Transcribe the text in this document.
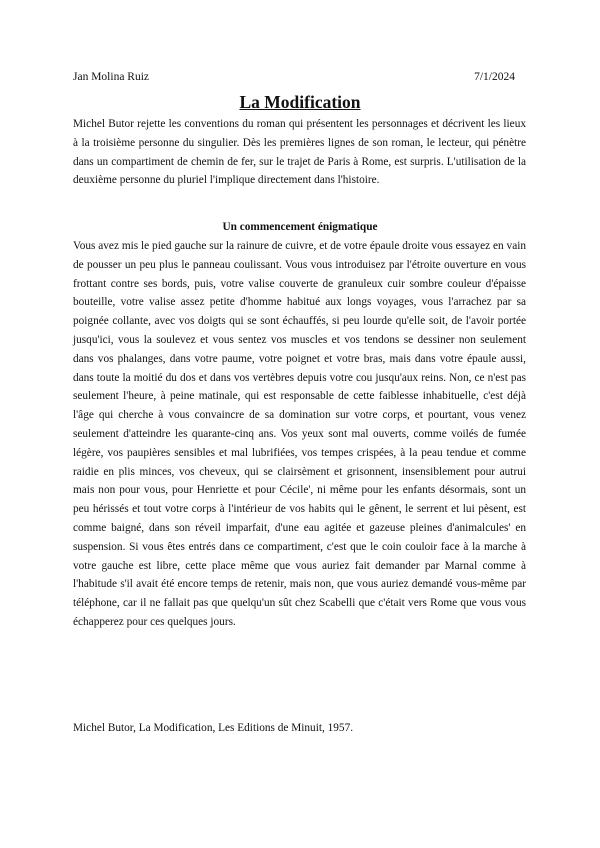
Jan Molina Ruiz	7/1/2024
La Modification

Michel Butor rejette les conventions du roman qui présentent les personnages et décrivent les lieux à la troisième personne du singulier. Dès les premières lignes de son roman, le lecteur, qui pénètre dans un compartiment de chemin de fer, sur le trajet de Paris à Rome, est surpris. L'utilisation de la deuxième personne du pluriel l'implique directement dans l'histoire.

Un commencement énigmatique

Vous avez mis le pied gauche sur la rainure de cuivre, et de votre épaule droite vous essayez en vain de pousser un peu plus le panneau coulissant. Vous vous introduisez par l'étroite ouverture en vous frottant contre ses bords, puis, votre valise couverte de granuleux cuir sombre couleur d'épaisse bouteille, votre valise assez petite d'homme habitué aux longs voyages, vous l'arrachez par sa poignée collante, avec vos doigts qui se sont échauffés, si peu lourde qu'elle soit, de l'avoir portée jusqu'ici, vous la soulevez et vous sentez vos muscles et vos tendons se dessiner non seulement dans vos phalanges, dans votre paume, votre poignet et votre bras, mais dans votre épaule aussi, dans toute la moitié du dos et dans vos vertèbres depuis votre cou jusqu'aux reins. Non, ce n'est pas seulement l'heure, à peine matinale, qui est responsable de cette faiblesse inhabituelle, c'est déjà l'âge qui cherche à vous convaincre de sa domination sur votre corps, et pourtant, vous venez seulement d'atteindre les quarante-cinq ans. Vos yeux sont mal ouverts, comme voilés de fumée légère, vos paupières sensibles et mal lubrifiées, vos tempes crispées, à la peau tendue et comme raidie en plis minces, vos cheveux, qui se clairsèment et grisonnent, insensiblement pour autrui mais non pour vous, pour Henriette et pour Cécile', ni même pour les enfants désormais, sont un peu hérissés et tout votre corps à l'intérieur de vos habits qui le gênent, le serrent et lui pèsent, est comme baigné, dans son réveil imparfait, d'une eau agitée et gazeuse pleines d'animalcules' en suspension. Si vous êtes entrés dans ce compartiment, c'est que le coin couloir face à la marche à votre gauche est libre, cette place même que vous auriez fait demander par Marnal comme à l'habitude s'il avait été encore temps de retenir, mais non, que vous auriez demandé vous-même par téléphone, car il ne fallait pas que quelqu'un sût chez Scabelli que c'était vers Rome que vous vous échapperez pour ces quelques jours.

Michel Butor, La Modification, Les Editions de Minuit, 1957.
